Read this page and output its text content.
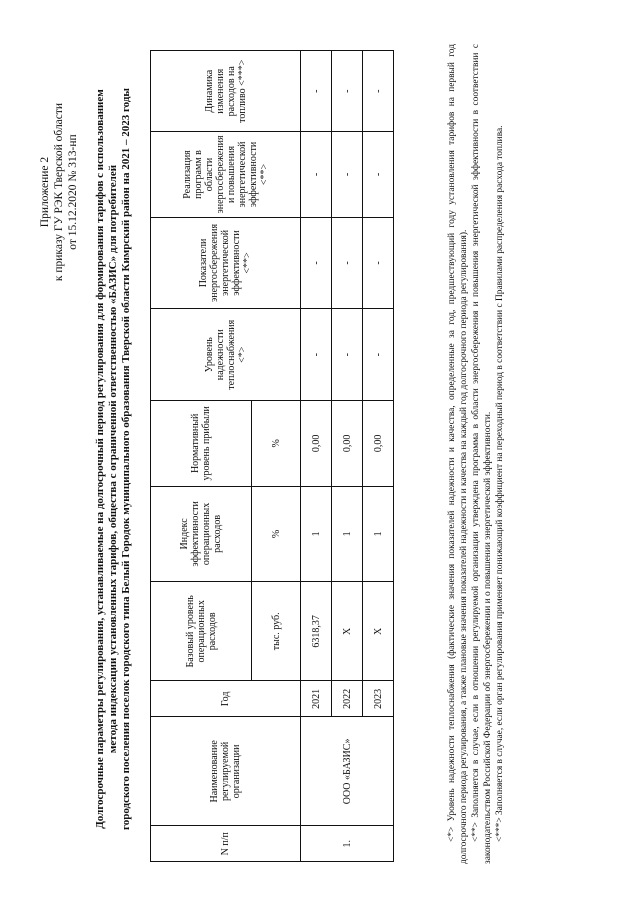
Приложение 2 к приказу ГУ РЭК Тверской области от 15.12.2020 № 313-нп Долгосрочные параметры регулирования, устанавливаемые на долгосрочный период регулирования для формирования тарифов с использованием метода индексации установленных тарифов, общества с ограниченной ответственностью «БАЗИС» для потребителей городского поселения поселок городского типа Белый Городок муниципального образования Тверской области Кимрский район на 2021 – 2023 годы
N п/п	Наименование регулируемой организации	Год	Базовый уровень операционных расходов	Индекс эффективности операционных расходов	Нормативный уровень прибыли	Уровень надежности теплоснабжения <*>	Показатели энергосбережения энергетической эффективности <**>	Реализация программ в области энергосбережения и повышения энергетической эффективности <**>	Динамика изменения расходов на топливо <***>
			тыс. руб.	%	%				
1.	ООО «БАЗИС»	2021	6318,37	1	0,00	-	-	-	-
		2022	Х	1	0,00	-	-	-	-
		2023	Х	1	0,00	-	-	-	-	<*> Уровень надежности теплоснабжения (фактические значения показателей надежности и качества, определенные за год, предшествующий году установления тарифов на первый год долгосрочного периода регулирования, а также плановые значения показателей надежности и качества на каждый год долгосрочного периода регулирования). <**> Заполняется в случае, если в отношении регулируемой организации утверждена программа в области энергосбережения и повышения энергетической эффективности в соответствии с законодательством Российской Федерации об энергосбережении и о повышении энергетической эффективности. <***> Заполняется в случае, если орган регулирования применяет понижающий коэффициент на переходный период в соответствии с Правилами распределения расхода топлива.
